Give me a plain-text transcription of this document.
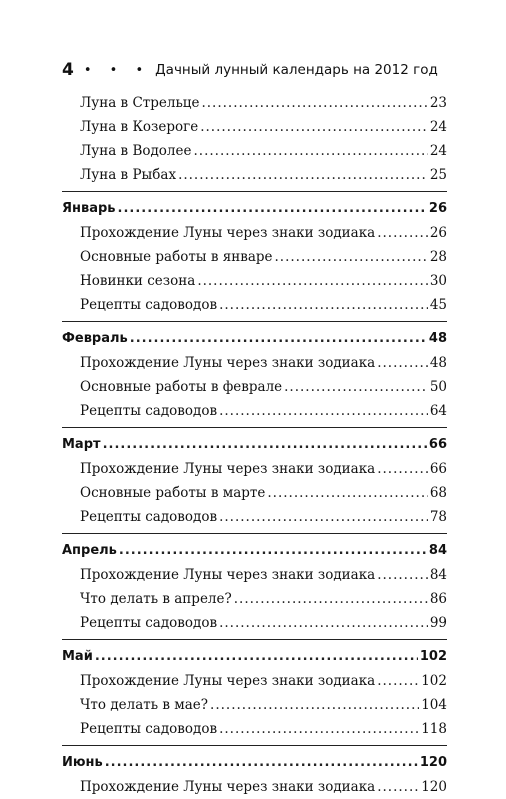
4 • • • Дачный лунный календарь на 2012 год
Луна в Стрельце .....	23
Луна в Козероге .....	24
Луна в Водолее .....	24
Луна в Рыбах .....	25
Январь .....	26
Прохождение Луны через знаки зодиака .....	26
Основные работы в январе .....	28
Новинки сезона .....	30
Рецепты садоводов .....	45
Февраль .....	48
Прохождение Луны через знаки зодиака .....	48
Основные работы в феврале .....	50
Рецепты садоводов .....	64
Март .....	66
Прохождение Луны через знаки зодиака .....	66
Основные работы в марте .....	68
Рецепты садоводов .....	78
Апрель .....	84
Прохождение Луны через знаки зодиака .....	84
Что делать в апреле? .....	86
Рецепты садоводов .....	99
Май .....	102
Прохождение Луны через знаки зодиака .....	102
Что делать в мае? .....	104
Рецепты садоводов .....	118
Июнь .....	120
Прохождение Луны через знаки зодиака .....	120
